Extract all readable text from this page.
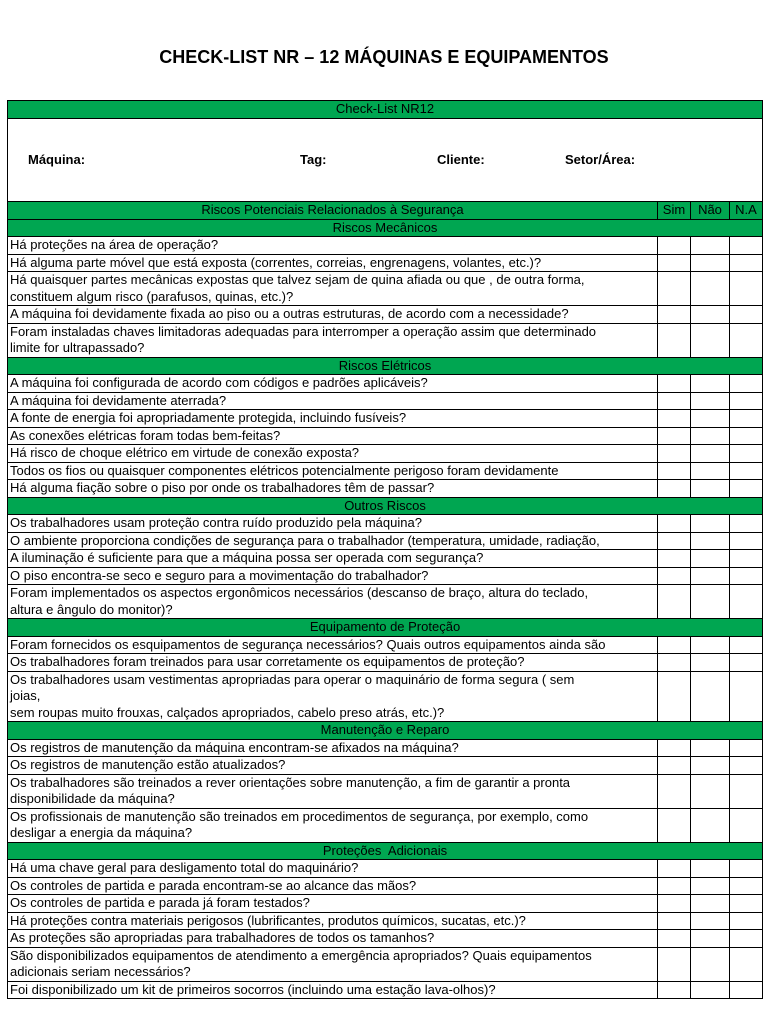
CHECK-LIST NR – 12 MÁQUINAS E EQUIPAMENTOS
Check-List NR12			

Máquina:

Tag:

Cliente:

Setor/Área:			

Riscos Potenciais Relacionados à Segurança	Sim	Não	N.A
Riscos Mecânicos			
Há proteções na área de operação?			
Há alguma parte móvel que está exposta (correntes, correias, engrenagens, volantes, etc.)?			
Há quaisquer partes mecânicas expostas que talvez sejam de quina afiada ou que , de outra forma,
constituem algum risco (parafusos, quinas, etc.)?			
A máquina foi devidamente fixada ao piso ou a outras estruturas, de acordo com a necessidade?			
Foram instaladas chaves limitadoras adequadas para interromper a operação assim que determinado
limite for ultrapassado?			
Riscos Elétricos			
A máquina foi configurada de acordo com códigos e padrões aplicáveis?			
A máquina foi devidamente aterrada?			
A fonte de energia foi apropriadamente protegida, incluindo fusíveis?			
As conexões elétricas foram todas bem-feitas?			
Há risco de choque elétrico em virtude de conexão exposta?			
Todos os fios ou quaisquer componentes elétricos potencialmente perigoso foram devidamente			
Há alguma fiação sobre o piso por onde os trabalhadores têm de passar?			
Outros Riscos			
Os trabalhadores usam proteção contra ruído produzido pela máquina?			
O ambiente proporciona condições de segurança para o trabalhador (temperatura, umidade, radiação,			
A iluminação é suficiente para que a máquina possa ser operada com segurança?			
O piso encontra-se seco e seguro para a movimentação do trabalhador?			
Foram implementados os aspectos ergonômicos necessários (descanso de braço, altura do teclado,
altura e ângulo do monitor)?			
Equipamento de Proteção			
Foram fornecidos os esquipamentos de segurança necessários? Quais outros equipamentos ainda são			
Os trabalhadores foram treinados para usar corretamente os equipamentos de proteção?			
Os trabalhadores usam vestimentas apropriadas para operar o maquinário de forma segura ( sem
joias,
sem roupas muito frouxas, calçados apropriados, cabelo preso atrás, etc.)?			
Manutenção e Reparo			
Os registros de manutenção da máquina encontram-se afixados na máquina?			
Os registros de manutenção estão atualizados?			
Os trabalhadores são treinados a rever orientações sobre manutenção, a fim de garantir a pronta
disponibilidade da máquina?			
Os profissionais de manutenção são treinados em procedimentos de segurança, por exemplo, como
desligar a energia da máquina?			
Proteções  Adicionais			
Há uma chave geral para desligamento total do maquinário?			
Os controles de partida e parada encontram-se ao alcance das mãos?			
Os controles de partida e parada já foram testados?			
Há proteções contra materiais perigosos (lubrificantes, produtos químicos, sucatas, etc.)?			
As proteções são apropriadas para trabalhadores de todos os tamanhos?			
São disponibilizados equipamentos de atendimento a emergência apropriados? Quais equipamentos
adicionais seriam necessários?			
Foi disponibilizado um kit de primeiros socorros (incluindo uma estação lava-olhos)?			
